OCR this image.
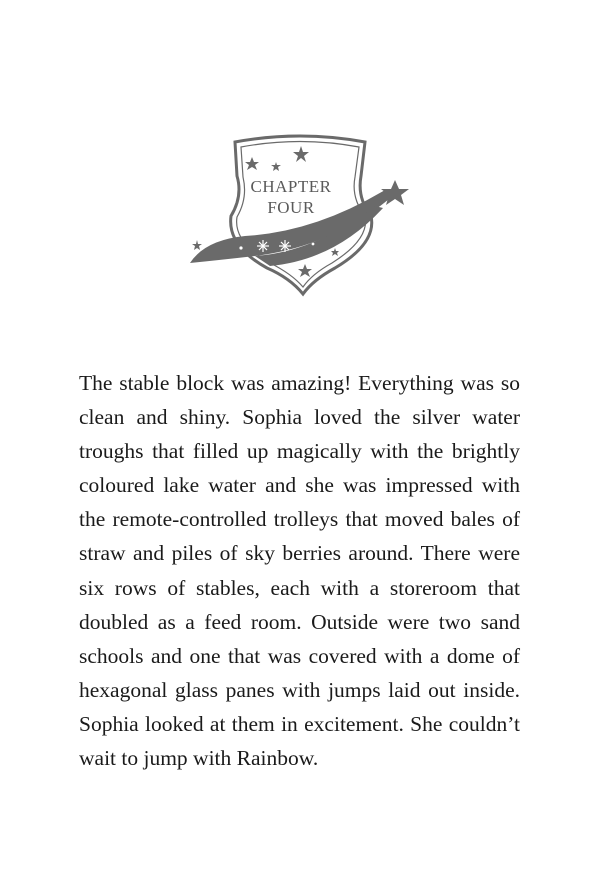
CHAPTER
FOUR

The stable block was amazing! Everything was so clean and shiny. Sophia loved the silver water troughs that filled up magically with the brightly coloured lake water and she was impressed with the remote-controlled trolleys that moved bales of straw and piles of sky berries around. There were six rows of stables, each with a storeroom that doubled as a feed room. Outside were two sand schools and one that was covered with a dome of hexagonal glass panes with jumps laid out inside. Sophia looked at them in excitement. She couldn’t wait to jump with Rainbow.
